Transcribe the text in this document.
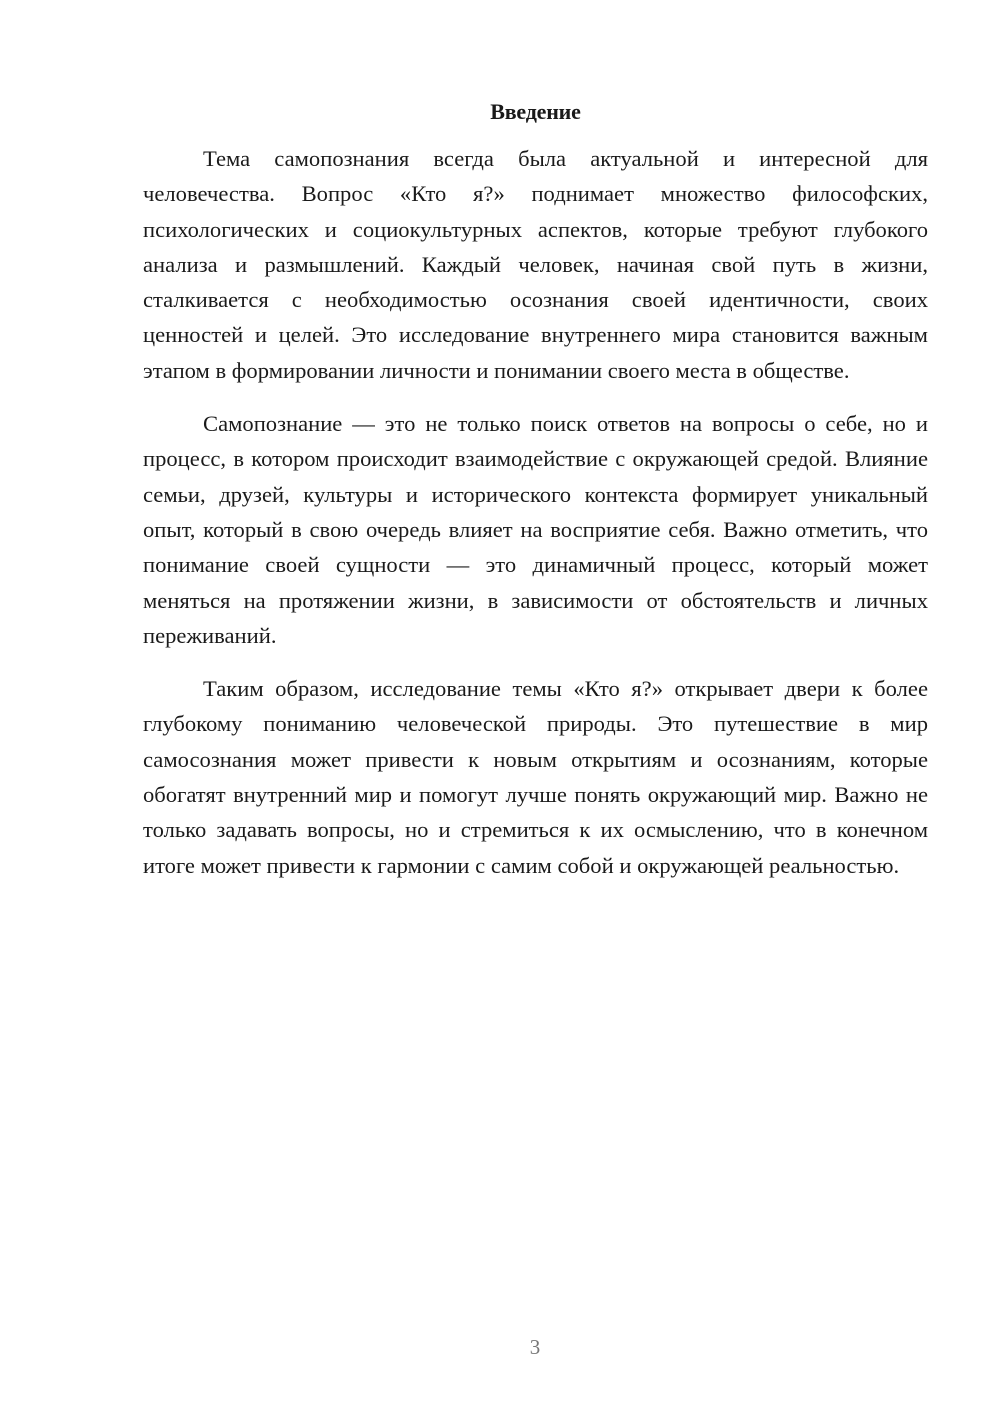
Введение

Тема самопознания всегда была актуальной и интересной для человечества. Вопрос «Кто я?» поднимает множество философских, психологических и социокультурных аспектов, которые требуют глубокого анализа и размышлений. Каждый человек, начиная свой путь в жизни, сталкивается с необходимостью осознания своей идентичности, своих ценностей и целей. Это исследование внутреннего мира становится важным этапом в формировании личности и понимании своего места в обществе.

Самопознание — это не только поиск ответов на вопросы о себе, но и процесс, в котором происходит взаимодействие с окружающей средой. Влияние семьи, друзей, культуры и исторического контекста формирует уникальный опыт, который в свою очередь влияет на восприятие себя. Важно отметить, что понимание своей сущности — это динамичный процесс, который может меняться на протяжении жизни, в зависимости от обстоятельств и личных переживаний.

Таким образом, исследование темы «Кто я?» открывает двери к более глубокому пониманию человеческой природы. Это путешествие в мир самосознания может привести к новым открытиям и осознаниям, которые обогатят внутренний мир и помогут лучше понять окружающий мир. Важно не только задавать вопросы, но и стремиться к их осмыслению, что в конечном итоге может привести к гармонии с самим собой и окружающей реальностью.

3
